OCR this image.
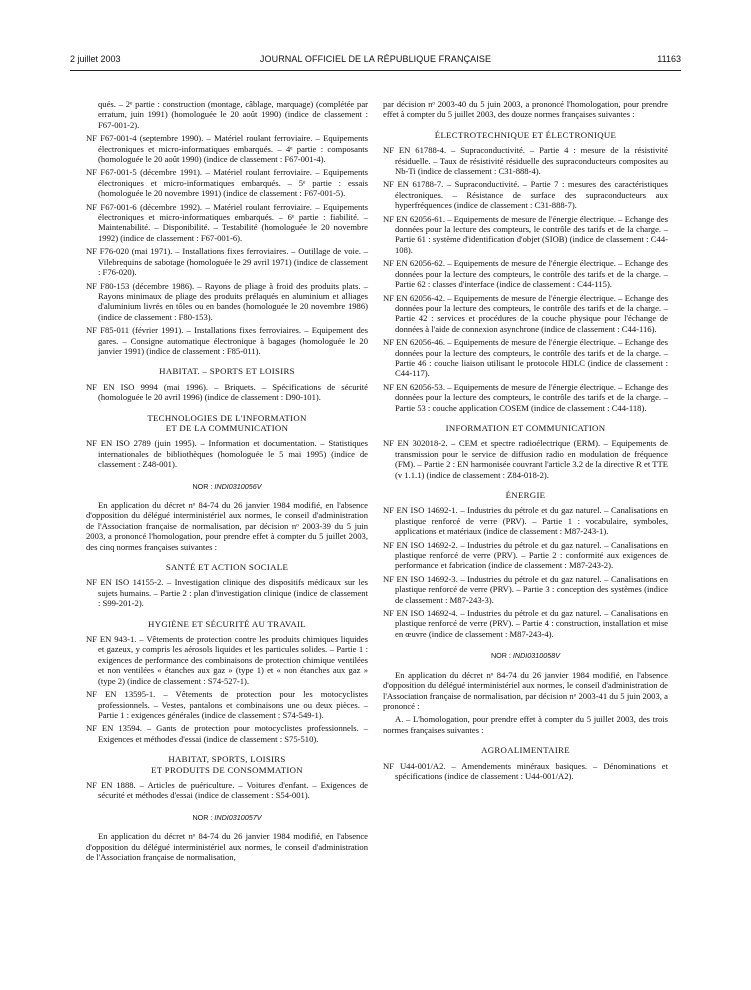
2 juillet 2003	JOURNAL OFFICIEL DE LA RÉPUBLIQUE FRANÇAISE	11163

qués. – 2ᵉ partie : construction (montage, câblage, marquage) (complétée par erratum, juin 1991) (homologuée le 20 août 1990) (indice de classement : F67-001-2).

NF F67-001-4 (septembre 1990). – Matériel roulant ferroviaire. – Equipements électroniques et micro-informatiques embarqués. – 4ᵉ partie : composants (homologuée le 20 août 1990) (indice de classement : F67-001-4).

NF F67-001-5 (décembre 1991). – Matériel roulant ferroviaire. – Equipements électroniques et micro-informatiques embarqués. – 5ᵉ partie : essais (homologuée le 20 novembre 1991) (indice de classement : F67-001-5).

NF F67-001-6 (décembre 1992). – Matériel roulant ferroviaire. – Equipements électroniques et micro-informatiques embarqués. – 6ᵉ partie : fiabilité. – Maintenabilité. – Disponibilité. – Testabilité (homologuée le 20 novembre 1992) (indice de classement : F67-001-6).

NF F76-020 (mai 1971). – Installations fixes ferroviaires. – Outillage de voie. – Vilebrequins de sabotage (homologuée le 29 avril 1971) (indice de classement : F76-020).

NF F80-153 (décembre 1986). – Rayons de pliage à froid des produits plats. – Rayons minimaux de pliage des produits prélaqués en aluminium et alliages d'aluminium livrés en tôles ou en bandes (homologuée le 20 novembre 1986) (indice de classement : F80-153).

NF F85-011 (février 1991). – Installations fixes ferroviaires. – Equipement des gares. – Consigne automatique électronique à bagages (homologuée le 20 janvier 1991) (indice de classement : F85-011).

HABITAT. – SPORTS ET LOISIRS

NF EN ISO 9994 (mai 1996). – Briquets. – Spécifications de sécurité (homologuée le 20 avril 1996) (indice de classement : D90-101).

TECHNOLOGIES DE L'INFORMATION
ET DE LA COMMUNICATION

NF EN ISO 2789 (juin 1995). – Information et documentation. – Statistiques internationales de bibliothèques (homologuée le 5 mai 1995) (indice de classement : Z48-001).

NOR : INDI0310056V

En application du décret nᵒ 84-74 du 26 janvier 1984 modifié, en l'absence d'opposition du délégué interministériel aux normes, le conseil d'administration de l'Association française de normalisation, par décision nᵒ 2003-39 du 5 juin 2003, a prononcé l'homologation, pour prendre effet à compter du 5 juillet 2003, des cinq normes françaises suivantes :

SANTÉ ET ACTION SOCIALE

NF EN ISO 14155-2. – Investigation clinique des dispositifs médicaux sur les sujets humains. – Partie 2 : plan d'investigation clinique (indice de classement : S99-201-2).

HYGIÈNE ET SÉCURITÉ AU TRAVAIL

NF EN 943-1. – Vêtements de protection contre les produits chimiques liquides et gazeux, y compris les aérosols liquides et les particules solides. – Partie 1 : exigences de performance des combinaisons de protection chimique ventilées et non ventilées « étanches aux gaz » (type 1) et « non étanches aux gaz » (type 2) (indice de classement : S74-527-1).

NF EN 13595-1. – Vêtements de protection pour les motocyclistes professionnels. – Vestes, pantalons et combinaisons une ou deux pièces. – Partie 1 : exigences générales (indice de classement : S74-549-1).

NF EN 13594. – Gants de protection pour motocyclistes professionnels. – Exigences et méthodes d'essai (indice de classement : S75-510).

HABITAT, SPORTS, LOISIRS
ET PRODUITS DE CONSOMMATION

NF EN 1888. – Articles de puériculture. – Voitures d'enfant. – Exigences de sécurité et méthodes d'essai (indice de classement : S54-001).

NOR : INDI0310057V

En application du décret nᵒ 84-74 du 26 janvier 1984 modifié, en l'absence d'opposition du délégué interministériel aux normes, le conseil d'administration de l'Association française de normalisation,

par décision nᵒ 2003-40 du 5 juin 2003, a prononcé l'homologation, pour prendre effet à compter du 5 juillet 2003, des douze normes françaises suivantes :

ÉLECTROTECHNIQUE ET ÉLECTRONIQUE

NF EN 61788-4. – Supraconductivité. – Partie 4 : mesure de la résistivité résiduelle. – Taux de résistivité résiduelle des supraconducteurs composites au Nb-Ti (indice de classement : C31-888-4).

NF EN 61788-7. – Supraconductivité. – Partie 7 : mesures des caractéristiques électroniques. – Résistance de surface des supraconducteurs aux hyperfréquences (indice de classement : C31-888-7).

NF EN 62056-61. – Equipements de mesure de l'énergie électrique. – Echange des données pour la lecture des compteurs, le contrôle des tarifs et de la charge. – Partie 61 : système d'identification d'objet (SIOB) (indice de classement : C44-108).

NF EN 62056-62. – Equipements de mesure de l'énergie électrique. – Echange des données pour la lecture des compteurs, le contrôle des tarifs et de la charge. – Partie 62 : classes d'interface (indice de classement : C44-115).

NF EN 62056-42. – Equipements de mesure de l'énergie électrique. – Echange des données pour la lecture des compteurs, le contrôle des tarifs et de la charge. – Partie 42 : services et procédures de la couche physique pour l'échange de données à l'aide de connexion asynchrone (indice de classement : C44-116).

NF EN 62056-46. – Equipements de mesure de l'énergie électrique. – Echange des données pour la lecture des compteurs, le contrôle des tarifs et de la charge. – Partie 46 : couche liaison utilisant le protocole HDLC (indice de classement : C44-117).

NF EN 62056-53. – Equipements de mesure de l'énergie électrique. – Echange des données pour la lecture des compteurs, le contrôle des tarifs et de la charge. – Partie 53 : couche application COSEM (indice de classement : C44-118).

INFORMATION ET COMMUNICATION

NF EN 302018-2. – CEM et spectre radioélectrique (ERM). – Equipements de transmission pour le service de diffusion radio en modulation de fréquence (FM). – Partie 2 : EN harmonisée couvrant l'article 3.2 de la directive R et TTE (v 1.1.1) (indice de classement : Z84-018-2).

ÉNERGIE

NF EN ISO 14692-1. – Industries du pétrole et du gaz naturel. – Canalisations en plastique renforcé de verre (PRV). – Partie 1 : vocabulaire, symboles, applications et matériaux (indice de classement : M87-243-1).

NF EN ISO 14692-2. – Industries du pétrole et du gaz naturel. – Canalisations en plastique renforcé de verre (PRV). – Partie 2 : conformité aux exigences de performance et fabrication (indice de classement : M87-243-2).

NF EN ISO 14692-3. – Industries du pétrole et du gaz naturel. – Canalisations en plastique renforcé de verre (PRV). – Partie 3 : conception des systèmes (indice de classement : M87-243-3).

NF EN ISO 14692-4. – Industries du pétrole et du gaz naturel. – Canalisations en plastique renforcé de verre (PRV). – Partie 4 : construction, installation et mise en œuvre (indice de classement : M87-243-4).

NOR : INDI0310058V

En application du décret nᵒ 84-74 du 26 janvier 1984 modifié, en l'absence d'opposition du délégué interministériel aux normes, le conseil d'administration de l'Association française de normalisation, par décision nᵒ 2003-41 du 5 juin 2003, a prononcé :

A. – L'homologation, pour prendre effet à compter du 5 juillet 2003, des trois normes françaises suivantes :

AGROALIMENTAIRE

NF U44-001/A2. – Amendements minéraux basiques. – Dénominations et spécifications (indice de classement : U44-001/A2).
